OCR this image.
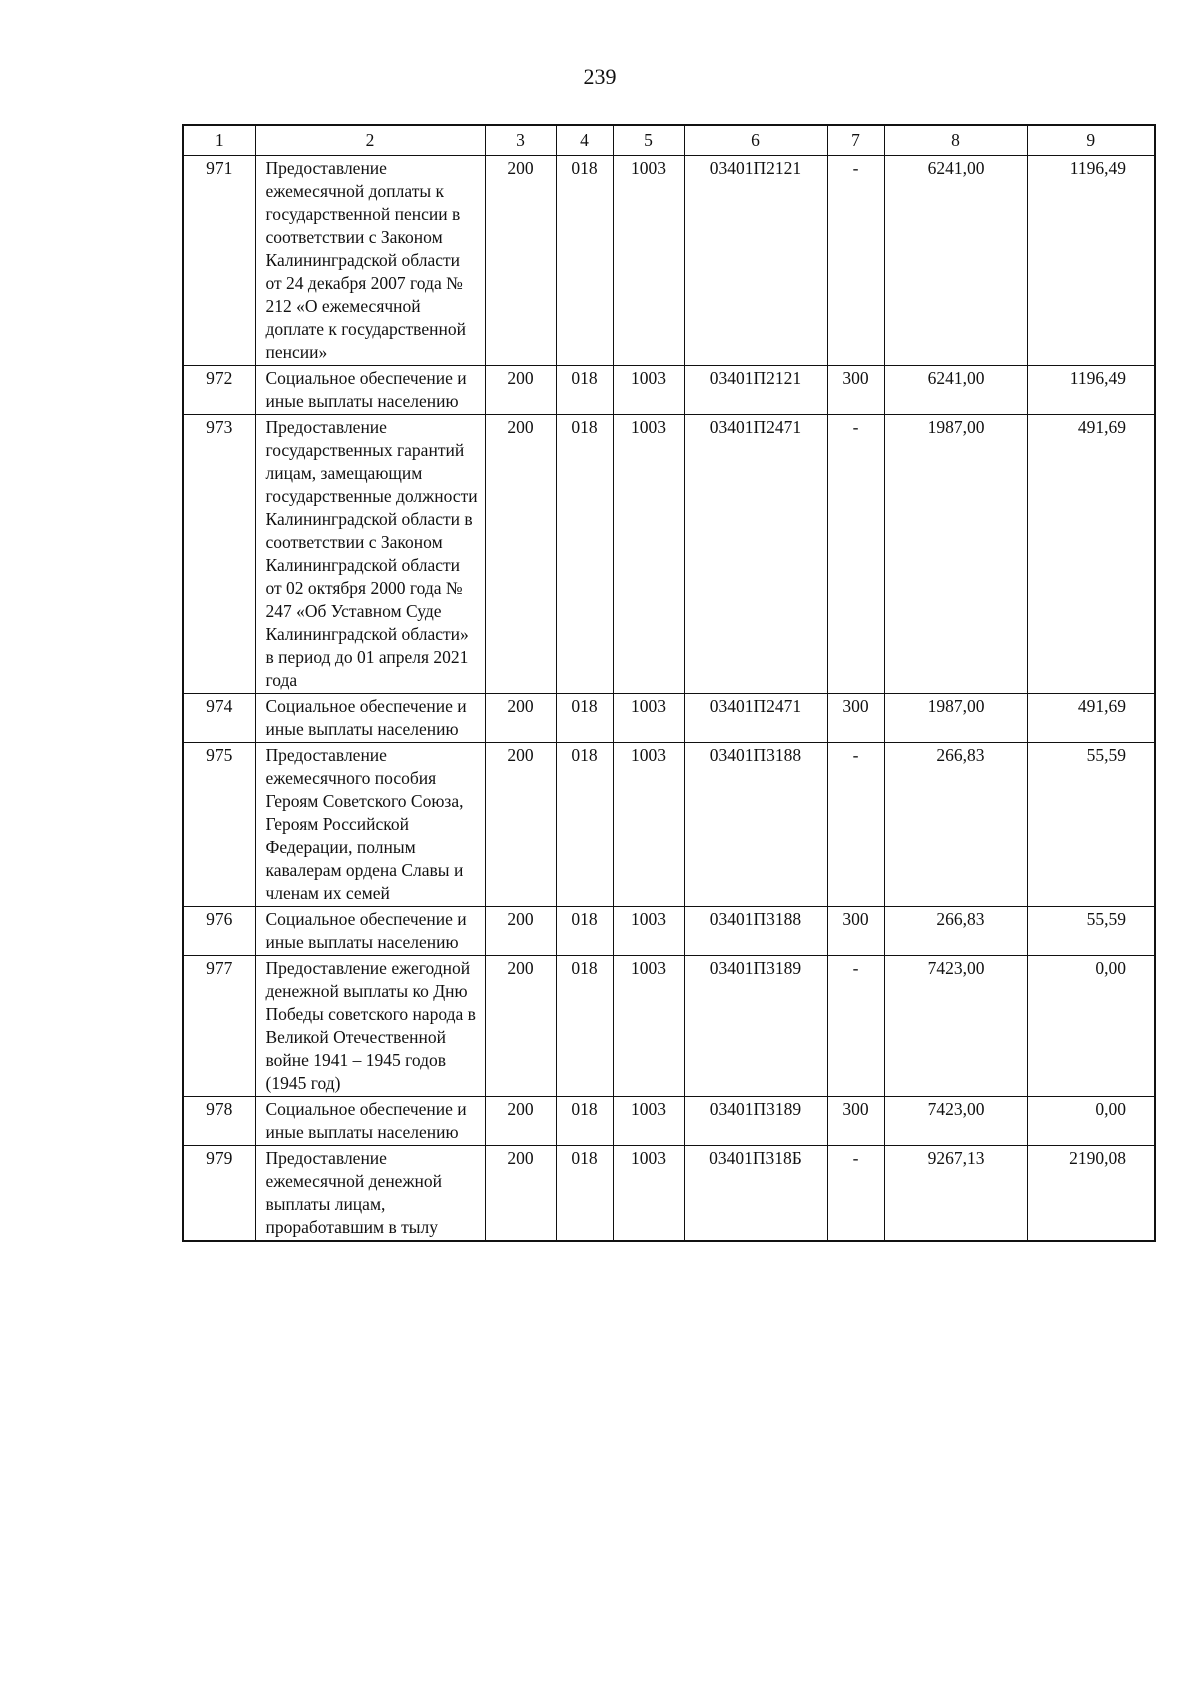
239
1	2	3	4	5	6	7	8	9
971	Предоставление ежемесячной доплаты к государственной пенсии в соответствии с Законом Калининградской области от 24 декабря 2007 года № 212 «О ежемесячной доплате к государственной пенсии»	200	018	1003	03401П2121	-	6241,00	1196,49
972	Социальное обеспечение и иные выплаты населению	200	018	1003	03401П2121	300	6241,00	1196,49
973	Предоставление государственных гарантий лицам, замещающим государственные должности Калининградской области в соответствии с Законом Калининградской области от 02 октября 2000 года № 247 «Об Уставном Суде Калининградской области» в период до 01 апреля 2021 года	200	018	1003	03401П2471	-	1987,00	491,69
974	Социальное обеспечение и иные выплаты населению	200	018	1003	03401П2471	300	1987,00	491,69
975	Предоставление ежемесячного пособия Героям Советского Союза, Героям Российской Федерации, полным кавалерам ордена Славы и членам их семей	200	018	1003	03401П3188	-	266,83	55,59
976	Социальное обеспечение и иные выплаты населению	200	018	1003	03401П3188	300	266,83	55,59
977	Предоставление ежегодной денежной выплаты ко Дню Победы советского народа в Великой Отечественной войне 1941 – 1945 годов (1945 год)	200	018	1003	03401П3189	-	7423,00	0,00
978	Социальное обеспечение и иные выплаты населению	200	018	1003	03401П3189	300	7423,00	0,00
979	Предоставление ежемесячной денежной выплаты лицам, проработавшим в тылу	200	018	1003	03401П318Б	-	9267,13	2190,08
